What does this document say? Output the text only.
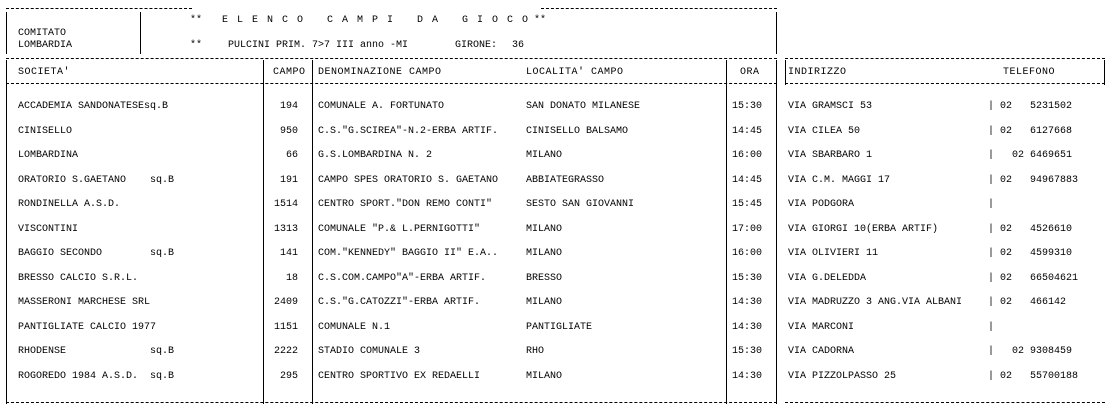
** ELENCO CAMPI DA GIOCO
**
COMITATO
LOMBARDIA	**	PULCINI PRIM. 7>7 III anno -MI	GIRONE: 36
SOCIETA'	CAMPO DENOMINAZIONE CAMPO	LOCALITA' CAMPO	ORA	INDIRIZZO	TELEFONO
ACCADEMIA SANDONATESEsq.B	194 COMUNALE A. FORTUNATO	SAN DONATO MILANESE	15:30	VIA GRAMSCI 53	| 02   5231502
CINISELLO	950 C.S."G.SCIREA"-N.2-ERBA ARTIF.	CINISELLO BALSAMO	14:45	VIA CILEA 50	| 02   6127668
LOMBARDINA	66 G.S.LOMBARDINA N. 2	MILANO	16:00	VIA SBARBARO 1	|   02 6469651
ORATORIO S.GAETANO    sq.B	191 CAMPO SPES ORATORIO S. GAETANO	ABBIATEGRASSO	14:45	VIA C.M. MAGGI 17	| 02   94967883
RONDINELLA A.S.D.	1514 CENTRO SPORT."DON REMO CONTI"	SESTO SAN GIOVANNI	15:45	VIA PODGORA	|
VISCONTINI	1313 COMUNALE "P.& L.PERNIGOTTI"	MILANO	17:00	VIA GIORGI 10(ERBA ARTIF)	| 02   4526610
BAGGIO SECONDO        sq.B	141 COM."KENNEDY" BAGGIO II" E.A..	MILANO	16:00	VIA OLIVIERI 11	| 02   4599310
BRESSO CALCIO S.R.L.	18 C.S.COM.CAMPO"A"-ERBA ARTIF.	BRESSO	15:30	VIA G.DELEDDA	| 02   66504621
MASSERONI MARCHESE SRL	2409 C.S."G.CATOZZI"-ERBA ARTIF.	MILANO	14:30	VIA MADRUZZO 3 ANG.VIA ALBANI	| 02   466142
PANTIGLIATE CALCIO 1977	1151 COMUNALE N.1	PANTIGLIATE	14:30	VIA MARCONI	|
RHODENSE              sq.B	2222 STADIO COMUNALE 3	RHO	15:30	VIA CADORNA	|   02 9308459
ROGOREDO 1984 A.S.D.  sq.B	295 CENTRO SPORTIVO EX REDAELLI	MILANO	14:30	VIA PIZZOLPASSO 25	| 02   55700188
